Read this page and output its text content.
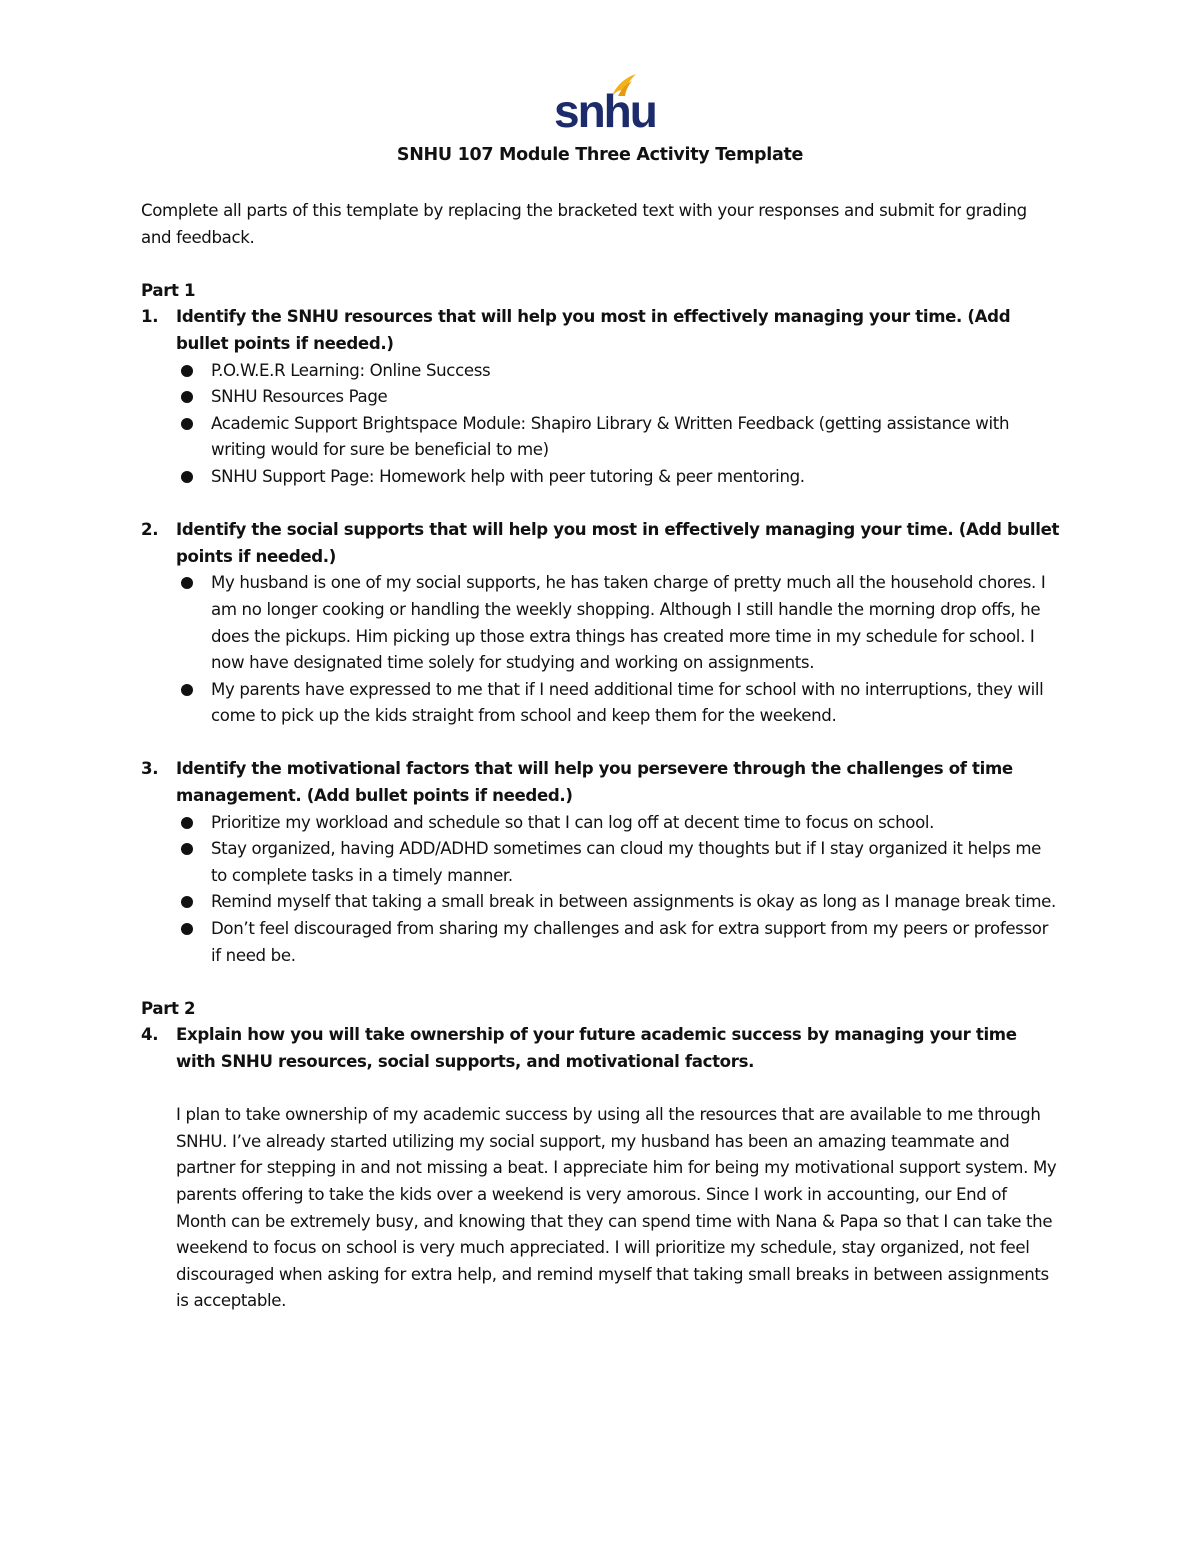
snhu
SNHU 107 Module Three Activity Template

Complete all parts of this template by replacing the bracketed text with your responses and submit for grading and feedback.

Part 1

1. Identify the SNHU resources that will help you most in effectively managing your time. (Add bullet points if needed.)
P.O.W.E.R Learning: Online Success
SNHU Resources Page
Academic Support Brightspace Module: Shapiro Library & Written Feedback (getting assistance with writing would for sure be beneficial to me)
SNHU Support Page: Homework help with peer tutoring & peer mentoring.
2. Identify the social supports that will help you most in effectively managing your time. (Add bullet points if needed.)
My husband is one of my social supports, he has taken charge of pretty much all the household chores. I am no longer cooking or handling the weekly shopping. Although I still handle the morning drop offs, he does the pickups. Him picking up those extra things has created more time in my schedule for school. I now have designated time solely for studying and working on assignments.
My parents have expressed to me that if I need additional time for school with no interruptions, they will come to pick up the kids straight from school and keep them for the weekend.
3. Identify the motivational factors that will help you persevere through the challenges of time management. (Add bullet points if needed.)
Prioritize my workload and schedule so that I can log off at decent time to focus on school.
Stay organized, having ADD/ADHD sometimes can cloud my thoughts but if I stay organized it helps me to complete tasks in a timely manner.
Remind myself that taking a small break in between assignments is okay as long as I manage break time.
Don’t feel discouraged from sharing my challenges and ask for extra support from my peers or professor if need be.

Part 2

4. Explain how you will take ownership of your future academic success by managing your time with SNHU resources, social supports, and motivational factors.

I plan to take ownership of my academic success by using all the resources that are available to me through SNHU. I’ve already started utilizing my social support, my husband has been an amazing teammate and partner for stepping in and not missing a beat. I appreciate him for being my motivational support system. My parents offering to take the kids over a weekend is very amorous. Since I work in accounting, our End of Month can be extremely busy, and knowing that they can spend time with Nana & Papa so that I can take the weekend to focus on school is very much appreciated. I will prioritize my schedule, stay organized, not feel discouraged when asking for extra help, and remind myself that taking small breaks in between assignments is acceptable.
